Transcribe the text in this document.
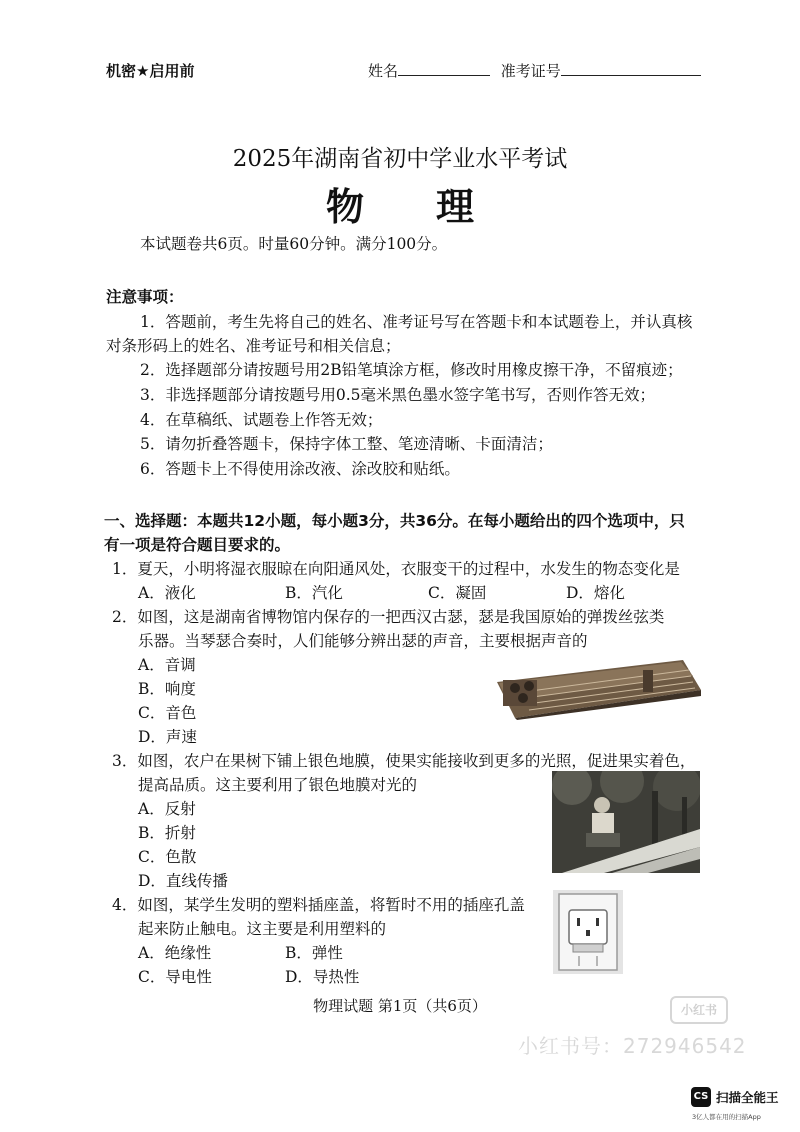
机密★启用前	姓名	准考证号
2025年湖南省初中学业水平考试
物理
本试题卷共6页。时量60分钟。满分100分。
注意事项：
1．答题前，考生先将自己的姓名、准考证号写在答题卡和本试题卷上，并认真核
对条形码上的姓名、准考证号和相关信息；
2．选择题部分请按题号用2B铅笔填涂方框，修改时用橡皮擦干净，不留痕迹；
3．非选择题部分请按题号用0.5毫米黑色墨水签字笔书写，否则作答无效；
4．在草稿纸、试题卷上作答无效；
5．请勿折叠答题卡，保持字体工整、笔迹清晰、卡面清洁；
6．答题卡上不得使用涂改液、涂改胶和贴纸。
一、选择题：本题共12小题，每小题3分，共36分。在每小题给出的四个选项中，只
有一项是符合题目要求的。
1．夏天，小明将湿衣服晾在向阳通风处，衣服变干的过程中，水发生的物态变化是
A．液化	B．汽化	C．凝固	D．熔化
2．如图，这是湖南省博物馆内保存的一把西汉古瑟，瑟是我国原始的弹拨丝弦类
乐器。当琴瑟合奏时，人们能够分辨出瑟的声音，主要根据声音的
A．音调
B．响度
C．音色
D．声速
3．如图，农户在果树下铺上银色地膜，使果实能接收到更多的光照，促进果实着色，
提高品质。这主要利用了银色地膜对光的
A．反射
B．折射
C．色散
D．直线传播
4．如图，某学生发明的塑料插座盖，将暂时不用的插座孔盖
起来防止触电。这主要是利用塑料的
A．绝缘性	B．弹性
C．导电性	D．导热性
物理试题 第1页（共6页）	小红书
小红书号：272946542
CS 扫描全能王
3亿人都在用的扫描App
